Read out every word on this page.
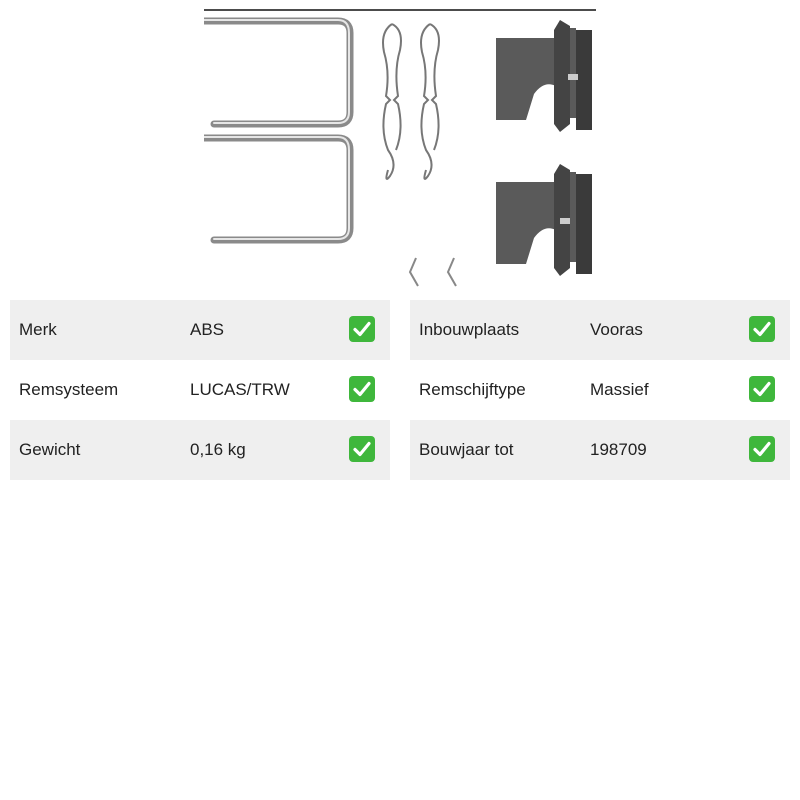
Merk	ABS
Remsysteem	LUCAS/TRW
Gewicht	0,16 kg
Inbouwplaats	Vooras
Remschijftype	Massief
Bouwjaar tot	198709
